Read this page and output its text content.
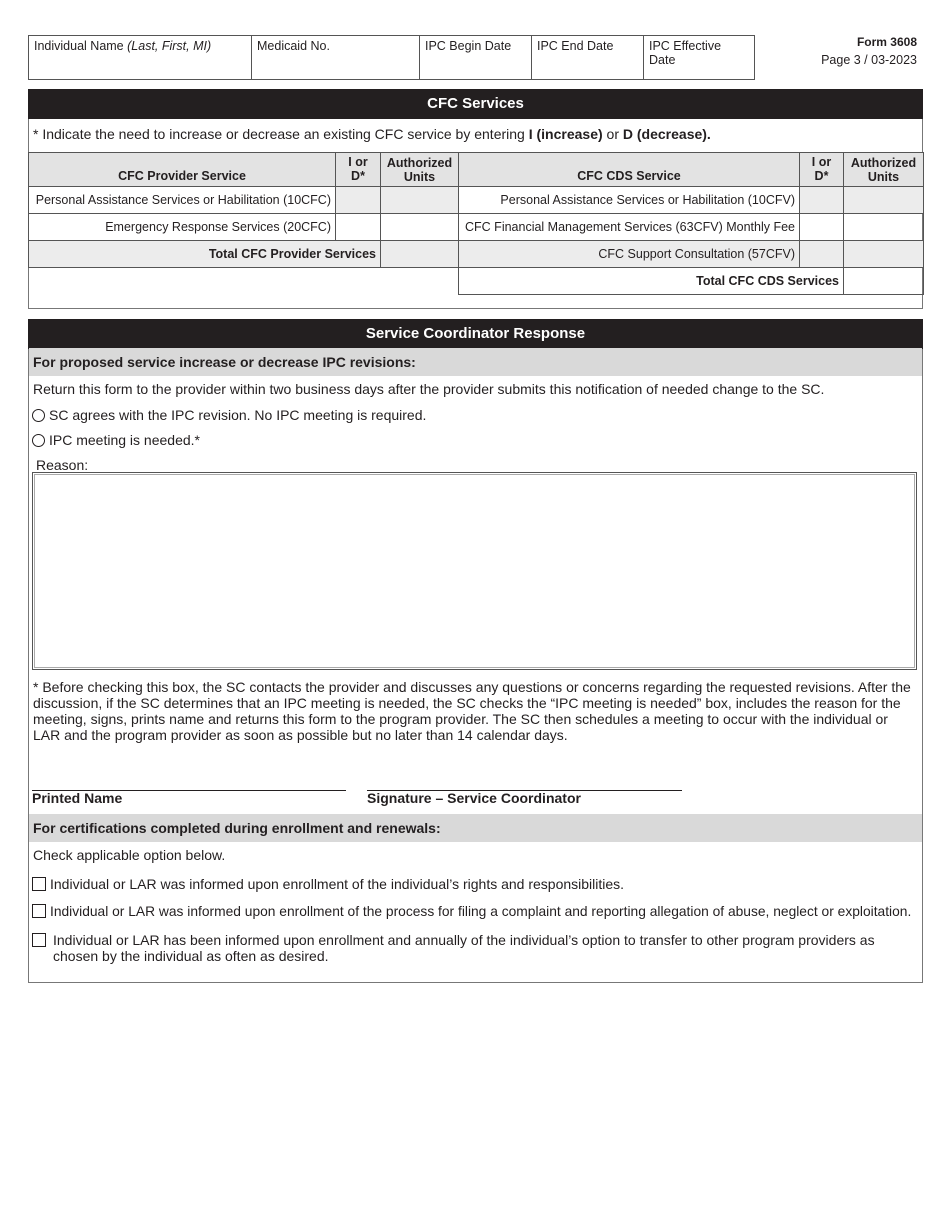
Individual Name (Last, First, MI)	Medicaid No.	IPC Begin Date	IPC End Date	IPC Effective Date
Form 3608
Page 3 / 03-2023
CFC Services
* Indicate the need to increase or decrease an existing CFC service by entering I (increase) or D (decrease).
CFC Provider Service	I or D*	Authorized Units	CFC CDS Service	I or D*	Authorized Units
Personal Assistance Services or Habilitation (10CFC)			Personal Assistance Services or Habilitation (10CFV)		
Emergency Response Services (20CFC)			CFC Financial Management Services (63CFV) Monthly Fee		
Total CFC Provider Services			CFC Support Consultation (57CFV)		
			Total CFC CDS Services		
Service Coordinator Response
For proposed service increase or decrease IPC revisions:
Return this form to the provider within two business days after the provider submits this notification of needed change to the SC.
SC agrees with the IPC revision. No IPC meeting is required.
IPC meeting is needed.*
Reason:
* Before checking this box, the SC contacts the provider and discusses any questions or concerns regarding the requested revisions. After the discussion, if the SC determines that an IPC meeting is needed, the SC checks the “IPC meeting is needed” box, includes the reason for the meeting, signs, prints name and returns this form to the program provider. The SC then schedules a meeting to occur with the individual or LAR and the program provider as soon as possible but no later than 14 calendar days.
Printed Name	Signature – Service Coordinator
For certifications completed during enrollment and renewals:
Check applicable option below.
Individual or LAR was informed upon enrollment of the individual’s rights and responsibilities.
Individual or LAR was informed upon enrollment of the process for filing a complaint and reporting allegation of abuse, neglect or exploitation.
Individual or LAR has been informed upon enrollment and annually of the individual’s option to transfer to other program providers as chosen by the individual as often as desired.
